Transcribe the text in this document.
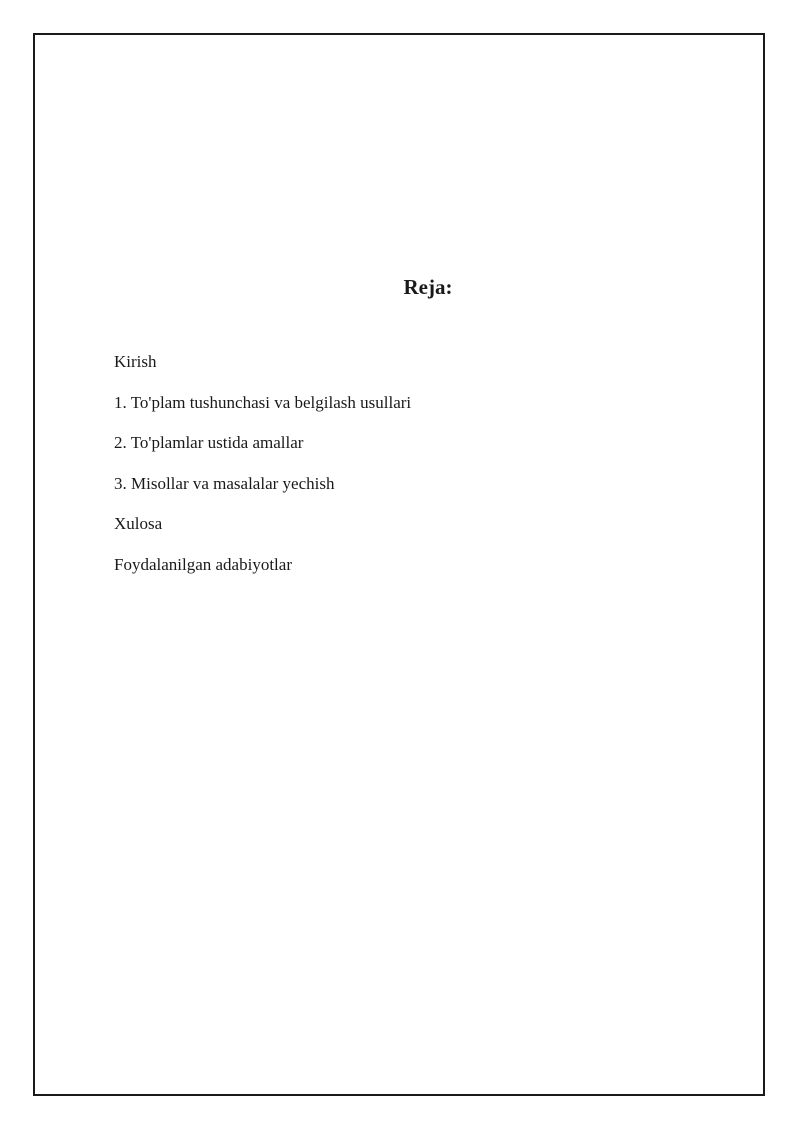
Reja:
Kirish
1. To'plam tushunchasi va belgilash usullari
2. To'plamlar ustida amallar
3. Misollar va masalalar yechish
Xulosa
Foydalanilgan adabiyotlar
